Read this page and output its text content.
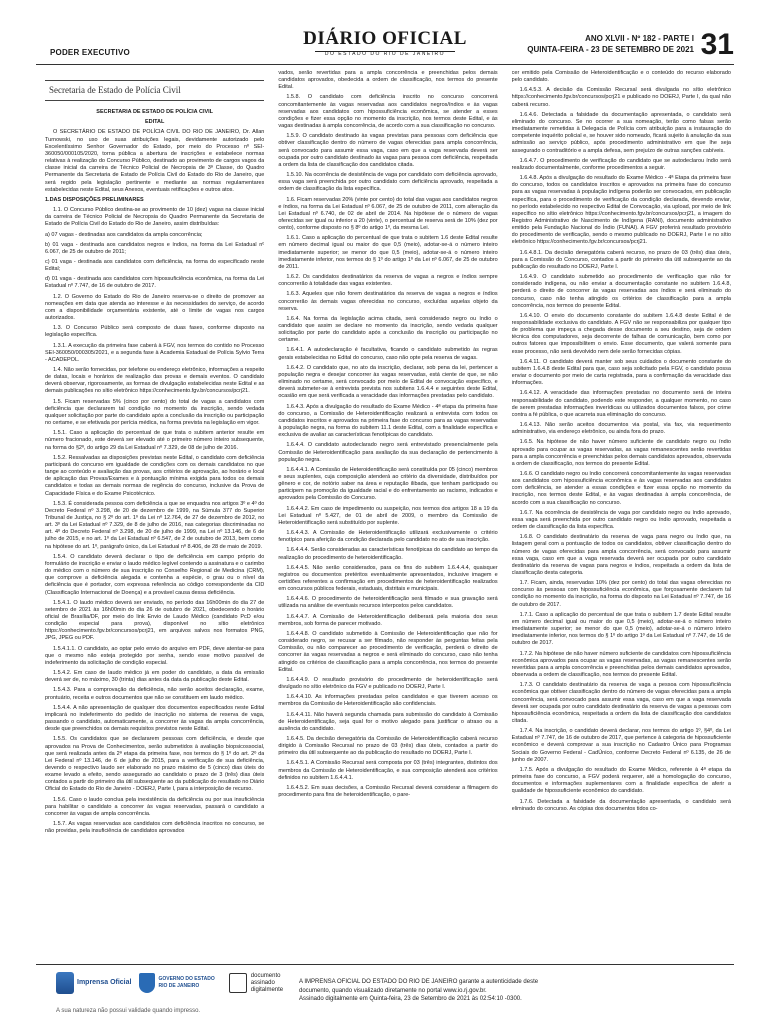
PODER EXECUTIVO
DIÁRIO OFICIAL
DO ESTADO DO RIO DE JANEIRO
ANO XLVII - Nº 182 - PARTE I
QUINTA-FEIRA - 23 DE SETEMBRO DE 2021 31
Secretaria de Estado de Polícia Civil

SECRETARIA DE ESTADO DE POLÍCIA CIVIL

EDITAL

O SECRETÁRIO DE ESTADO DE POLÍCIA CIVIL DO RIO DE JANEIRO, Dr. Allan Turnowski, no uso de suas atribuições legais, devidamente autorizado pelo Excelentíssimo Senhor Governador do Estado, por meio do Processo nº SEI-360050/000105/2020, torna pública a abertura de inscrições e estabelece normas relativas à realização do Concurso Público, destinado ao provimento de cargos vagos da classe inicial da carreira de Técnico Policial de Necropsia de 3ª Classe, do Quadro Permanente da Secretaria de Estado de Polícia Civil do Estado do Rio de Janeiro, que será regido pela legislação pertinente e mediante as normas regulamentares estabelecidas neste Edital, seus Anexos, eventuais retificações e outros atos.

1.DAS DISPOSIÇÕES PRELIMINARES

1.1. O Concurso Público destina-se ao provimento de 10 (dez) vagas na classe inicial da carreira de Técnico Policial de Necropsia do Quadro Permanente da Secretaria de Estado de Polícia Civil do Estado do Rio de Janeiro, assim distribuídas:

a) 07 vagas - destinadas aos candidatos da ampla concorrência;

b) 01 vaga - destinada aos candidatos negros e índios, na forma da Lei Estadual nº 6.067, de 25 de outubro de 2011;

c) 01 vaga - destinada aos candidatos com deficiência, na forma do especificado neste Edital;

d) 01 vaga - destinada aos candidatos com hipossuficiência econômica, na forma da Lei Estadual nº 7.747, de 16 de outubro de 2017.

1.2. O Governo do Estado do Rio de Janeiro reserva-se o direito de promover as nomeações em data que atenda ao interesse e às necessidades do serviço, de acordo com a disponibilidade orçamentária existente, até o limite de vagas nos cargos autorizados.

1.3. O Concurso Público será composto de duas fases, conforme disposto na legislação específica.

1.3.1. A execução da primeira fase caberá à FGV, nos termos do contido no Processo SEI-360050/000305/2021, e a segunda fase à Academia Estadual de Polícia Sylvio Terra - ACADEPOL.

1.4. Não serão fornecidas, por telefone ou endereço eletrônico, informações a respeito de datas, locais e horários de realização das provas e demais eventos. O candidato deverá observar, rigorosamente, as formas de divulgação estabelecidas neste Edital e as demais publicações no sítio eletrônico https://conhecimento.fgv.br/concursos/pcrj21.

1.5. Ficam reservadas 5% (cinco por cento) do total de vagas a candidatos com deficiência que declararem tal condição no momento da inscrição, sendo vedada qualquer solicitação por parte do candidato após a conclusão da inscrição ou participação no certame, e se efetivada por perícia médica, na forma prevista na legislação em vigor.

1.5.1. Caso a aplicação do percentual de que trata o subitem anterior resulte em número fracionado, este deverá ser elevado até o primeiro número inteiro subsequente, na forma do §2º, do artigo 29 da Lei Estadual nº 7.329, de 08 de julho de 2016.

1.5.2. Ressalvadas as disposições previstas neste Edital, o candidato com deficiência participará do concurso em igualdade de condições com os demais candidatos no que tange ao conteúdo e avaliação das provas, aos critérios de aprovação, ao horário e local de aplicação das Provas/Exames e à pontuação mínima exigida para todos os demais candidatos e todas as demais normas de regência do concurso, inclusive da Prova de Capacidade Física e do Exame Psicotécnico.

1.5.3. É considerada pessoa com deficiência a que se enquadra nos artigos 3º e 4º do Decreto Federal nº 3.298, de 20 de dezembro de 1999, na Súmula 377 do Superior Tribunal de Justiça, no § 2º do art. 1º da Lei nº 12.764, de 27 de dezembro de 2012, no art. 3º da Lei Estadual nº 7.329, de 8 de julho de 2016, nas categorias discriminadas no art. 4º do Decreto Federal nº 3.298, de 20 de julho de 1999, na Lei nº 13.146, de 6 de julho de 2015, e no art. 1º da Lei Estadual nº 6.547, de 2 de outubro de 2013, bem como na hipótese do art. 1º, parágrafo único, da Lei Estadual nº 8.406, de 28 de maio de 2019.

1.5.4. O candidato deverá declarar o tipo de deficiência em campo próprio do formulário de inscrição e enviar o laudo médico legível contendo a assinatura e o carimbo do médico com o número de sua inscrição no Conselho Regional de Medicina (CRM), que comprove a deficiência alegada e contenha a espécie, o grau ou o nível da deficiência que é portador, com expressa referência ao código correspondente da CID (Classificação Internacional de Doença) e a provável causa dessa deficiência.

1.5.4.1. O laudo médico deverá ser enviado, no período das 16h00min do dia 27 de setembro de 2021 às 16h00min do dia 26 de outubro de 2021, obedecendo o horário oficial de Brasília/DF, por meio do link Envio de Laudo Médico (candidato PcD e/ou condição especial para prova), disponível no sítio eletrônico https://conhecimento.fgv.br/concursos/pcrj21, em arquivos salvos nos formatos PNG, JPG, JPEG ou PDF.

1.5.4.1.1. O candidato, ao optar pelo envio do arquivo em PDF, deve atentar-se para que o mesmo não esteja protegido por senha, sendo esse motivo passível de indeferimento da solicitação de condição especial.

1.5.4.2. Em caso de laudo médico já em poder do candidato, a data da emissão deverá ser de, no máximo, 30 (trinta) dias antes da data da publicação deste Edital.

1.5.4.3. Para a comprovação da deficiência, não serão aceitos declaração, exame, prontuário, receita e outros documentos que não se constituem em laudo médico.

1.5.4.4. A não apresentação de qualquer dos documentos especificados neste Edital implicará no indeferimento do pedido de inscrição no sistema de reserva de vaga, passando o candidato, automaticamente, a concorrer às vagas da ampla concorrência, desde que preenchidos os demais requisitos previstos neste Edital.

1.5.5. Os candidatos que se declararem pessoas com deficiência, e desde que aprovados na Prova de Conhecimentos, serão submetidos à avaliação biopsicossocial, que será realizada antes da 2ª etapa da primeira fase, nos termos do § 1º do art. 2º da Lei Federal nº 13.146, de 6 de julho de 2015, para a verificação de sua deficiência, devendo o respectivo laudo ser elaborado no prazo máximo de 5 (cinco) dias úteis do exame levado a efeito, sendo assegurado ao candidato o prazo de 3 (três) dias úteis contados a partir do primeiro dia útil subsequente ao da publicação do resultado no Diário Oficial do Estado do Rio de Janeiro - DOERJ, Parte I, para a interposição de recurso.

1.5.6. Caso o laudo conclua pela inexistência da deficiência ou por sua insuficiência para habilitar o candidato a concorrer às vagas reservadas, passará o candidato a concorrer às vagas de ampla concorrência.

1.5.7. As vagas reservadas aos candidatos com deficiência inscritos no concurso, se não providas, pela insuficiência de candidatos aprovados

vados, serão revertidas para a ampla concorrência e preenchidas pelos demais candidatos aprovados, obedecida a ordem de classificação, nos termos do presente Edital.

1.5.8. O candidato com deficiência inscrito no concurso concorrerá concomitantemente às vagas reservadas aos candidatos negros/índios e às vagas reservadas aos candidatos com hipossuficiência econômica, se atender a esses condições e fizer essa opção no momento da inscrição, nos termos deste Edital, e às vagas destinadas à ampla concorrência, de acordo com a sua classificação no concurso.

1.5.9. O candidato destinado às vagas previstas para pessoas com deficiência que obtiver classificação dentro do número de vagas oferecidas para ampla concorrência, será convocado para assumir essa vaga, caso em que a vaga reservada deverá ser ocupada por outro candidato destinado às vagas para pessoa com deficiência, respeitada a ordem da lista de classificação dos candidatos citada.

1.5.10. Na ocorrência de desistência de vaga por candidato com deficiência aprovado, essa vaga será preenchida por outro candidato com deficiência aprovado, respeitada a ordem de classificação da lista específica.

1.6. Ficam reservadas 20% (vinte por cento) do total das vagas aos candidatos negros e índios, na forma da Lei Estadual nº 6.067, de 25 de outubro de 2011, com alteração da Lei Estadual nº 6.740, de 02 de abril de 2014. Na hipótese de o número de vagas oferecidas ser igual ou inferior a 20 (vinte), o percentual de reserva será de 10% (dez por cento), conforme disposto no § 8º do artigo 1º, da mesma Lei.

1.6.1. Caso a aplicação do percentual de que trata o subitem 1.6 deste Edital resulte em número decimal igual ou maior do que 0,5 (meio), adotar-se-á o número inteiro imediatamente superior; se menor do que 0,5 (meio), adotar-se-á o número inteiro imediatamente inferior, nos termos do § 1º do artigo 1º da Lei nº 6.067, de 25 de outubro de 2011.

1.6.2. Os candidatos destinatários da reserva de vagas a negros e índios sempre concorrerão à totalidade das vagas existentes.

1.6.3. Aqueles que não forem destinatários da reserva de vagas a negros e índios concorrerão às demais vagas oferecidas no concurso, excluídas aquelas objeto da reserva.

1.6.4. Na forma da legislação acima citada, será considerado negro ou índio o candidato que assim se declare no momento da inscrição, sendo vedada qualquer solicitação por parte do candidato após a conclusão da inscrição ou participação no certame.

1.6.4.1. A autodeclaração é facultativa, ficando o candidato submetido às regras gerais estabelecidas no Edital do concurso, caso não opte pela reserva de vagas.

1.6.4.2. O candidato que, no ato da inscrição, declarar, sob pena da lei, pertencer a população negra e desejar concorrer às vagas reservadas, está ciente de que, se não eliminado no certame, será convocado por meio de Edital de convocação específico, e deverá submeter-se à entrevista prevista nos subitens 1.6.4.4 e seguintes deste Edital, ocasião em que será verificada a veracidade das informações prestadas pelo candidato.

1.6.4.3. Após a divulgação do resultado do Exame Médico - 4ª etapa da primeira fase do concurso, a Comissão de Heteroidentificação realizará a entrevista com todos os candidatos inscritos e aprovados na primeira fase do concurso para as vagas reservadas à população negra, na forma do subitem 11.1 deste Edital, com a finalidade específica e exclusiva de avaliar as características fenotípicas do candidato.

1.6.4.4. O candidato autodeclarado negro será entrevistado presencialmente pela Comissão de Heteroidentificação para avaliação da sua declaração de pertencimento à população negra.

1.6.4.4.1. A Comissão de Heteroidentificação será constituída por 05 (cinco) membros e seus suplentes, cuja composição atenderá ao critério da diversidade, distribuídos por gênero e cor, de notório saber na área e reputação ilibada, que tenham participado ou participem na promoção da igualdade racial e do enfrentamento ao racismo, indicados e aprovados pela Comissão do Concurso.

1.6.4.4.2. Em caso de impedimento ou suspeição, nos termos dos artigos 18 a 19 da Lei Estadual nº 5.427, de 01 de abril de 2009, o membro da Comissão de Heteroidentificação será substituído por suplente.

1.6.4.4.3. A Comissão de Heteroidentificação utilizará exclusivamente o critério fenotípico para aferição da condição declarada pelo candidato no ato de sua inscrição.

1.6.4.4.4. Serão consideradas as características fenotípicas do candidato ao tempo da realização do procedimento de heteroidentificação.

1.6.4.4.5. Não serão considerados, para os fins do subitem 1.6.4.4.4, quaisquer registros ou documentos pretéritos eventualmente apresentados, inclusive imagem e certidões referentes a confirmação em procedimentos de heteroidentificação realizados em concursos públicos federais, estaduais, distritais e municipais.

1.6.4.4.6. O procedimento de heteroidentificação será filmado e sua gravação será utilizada na análise de eventuais recursos interpostos pelos candidatos.

1.6.4.4.7. A Comissão de Heteroidentificação deliberará pela maioria dos seus membros, sob forma de parecer motivado.

1.6.4.4.8. O candidato submetido à Comissão de Heteroidentificação que não for considerado negro, se recusar a ser filmado, não responder às perguntas feitas pela Comissão, ou não comparecer ao procedimento de verificação, perderá o direito de concorrer às vagas reservadas a negros e será eliminado do concurso, caso não tenha atingido os critérios de classificação para a ampla concorrência, nos termos do presente Edital.

1.6.4.4.9. O resultado provisório do procedimento de heteroidentificação será divulgado no sítio eletrônico da FGV e publicado no DOERJ, Parte I.

1.6.4.4.10. As informações prestadas pelos candidatos e que tiverem acesso os membros da Comissão de Heteroidentificação são confidenciais.

1.6.4.4.11. Não haverá segunda chamada para submissão do candidato à Comissão de Heteroidentificação, seja qual for o motivo alegado para justificar o atraso ou a ausência do candidato.

1.6.4.5. Da decisão denegatória da Comissão de Heteroidentificação caberá recurso dirigido à Comissão Recursal no prazo de 03 (três) dias úteis, contados a partir do primeiro dia útil subsequente ao da publicação do resultado no DOERJ, Parte I.

1.6.4.5.1. A Comissão Recursal será composta por 03 (três) integrantes, distintos dos membros da Comissão de Heteroidentificação, e sua composição atenderá aos critérios definidos no subitem 1.6.4.4.1.

1.6.4.5.2. Em suas decisões, a Comissão Recursal deverá considerar a filmagem do procedimento para fins de heteroidentificação, o pare-

cer emitido pela Comissão de Heteroidentificação e o conteúdo do recurso elaborado pelo candidato.

1.6.4.5.3. A decisão da Comissão Recursal será divulgada no sítio eletrônico https://conhecimento.fgv.br/concursos/pcrj21 e publicado no DOERJ, Parte I, da qual não caberá recurso.

1.6.4.6. Detectada a falsidade da documentação apresentada, o candidato será eliminado do concurso. Se no ocorrer a sua nomeação, terão como falsas serão imediatamente remetidas à Delegacia de Polícia com atribuição para a instauração do competente inquérito policial e, se houver sido nomeado, ficará sujeito à anulação da sua admissão ao serviço público, após procedimento administrativo em que lhe seja assegurado o contraditório e a ampla defesa, sem prejuízo de outras sanções cabíveis.

1.6.4.7. O procedimento de verificação do candidato que se autodeclarou índio será realizado documentalmente, conforme procedimentos a seguir.

1.6.4.8. Após a divulgação do resultado do Exame Médico - 4ª Etapa da primeira fase do concurso, todos os candidatos inscritos e aprovados na primeira fase do concurso para as vagas reservadas à população indígena poderão ser convocados, em publicação específica, para o procedimento de verificação da condição declarada, devendo enviar, no período estabelecido no respectivo Edital de Convocação, via upload, por meio de link específico no sítio eletrônico https://conhecimento.fgv.br/concursos/pcrj21, a imagem do Registro Administrativo de Nascimento de Indígena (RANI), documento administrativo emitido pela Fundação Nacional do Índio (FUNAI). A FGV proferirá resultado provisório do procedimento de verificação, sendo o mesmo publicado no DOERJ, Parte I e no sítio eletrônico https://conhecimento.fgv.br/concursos/pcrj21.

1.6.4.8.1. Da decisão denegatória caberá recurso, no prazo de 03 (três) dias úteis, para a Comissão do Concurso, contados a partir do primeiro dia útil subsequente ao da publicação do resultado no DOERJ, Parte I.

1.6.4.9. O candidato submetido ao procedimento de verificação que não for considerado indígena, ou não enviar a documentação constante no subitem 1.6.4.8, perderá o direito de concorrer às vagas reservadas aos índios e será eliminado do concurso, caso não tenha atingido os critérios de classificação para a ampla concorrência, nos termos do presente Edital.

1.6.4.10. O envio do documento constante do subitem 1.6.4.8 deste Edital é de responsabilidade exclusiva do candidato. A FGV não se responsabiliza por qualquer tipo de problema que impeça a chegada desse documento a seu destino, seja de ordem técnica dos computadores, seja decorrente de falhas de comunicação, bem como por outros fatores que impossibilitem o envio. Esse documento, que valerá somente para esse processo, não será devolvido nem dele serão fornecidas cópias.

1.6.4.11. O candidato deverá manter sob seus cuidados o documento constante do subitem 1.6.4.8 deste Edital para que, caso seja solicitado pela FGV, o candidato possa enviar o documento por meio de carta registrada, para a confirmação da veracidade das informações.

1.6.4.12. A veracidade das informações prestadas no documento será de inteira responsabilidade do candidato, podendo este responder, a qualquer momento, no caso de serem prestadas informações inverídicas ou utilizados documentos falsos, por crime contra a fé pública, o que acarreta sua eliminação do concurso.

1.6.4.13. Não serão aceitos documentos via postal, via fax, via requerimento administrativo, via endereço eletrônico, ou ainda fora do prazo.

1.6.5. Na hipótese de não haver número suficiente de candidato negro ou índio aprovado para ocupar as vagas reservadas, as vagas remanescentes serão revertidas para a ampla concorrência e preenchidas pelos demais candidatos aprovados, observada a ordem de classificação, nos termos do presente Edital.

1.6.6. O candidato negro ou índio concorrerá concomitantemente às vagas reservadas aos candidatos com hipossuficiência econômica e às vagas reservadas aos candidatos com deficiência, se atender a essas condições e fizer essa opção no momento da inscrição, nos termos deste Edital, e às vagas destinadas à ampla concorrência, de acordo com a sua classificação no concurso.

1.6.7. Na ocorrência de desistência de vaga por candidato negro ou índio aprovado, essa vaga será preenchida por outro candidato negro ou índio aprovado, respeitada a ordem de classificação da lista específica.

1.6.8. O candidato destinatário da reserva de vaga para negro ou índio que, na listagem geral com a pontuação de todos os candidatos, obtiver classificação dentro do número de vagas oferecidas para ampla concorrência, será convocado para assumir essa vaga, caso em que a vaga reservada deverá ser ocupada por outro candidato destinatário da reserva de vagas para negros e índios, respeitada a ordem da lista de classificação desta categoria.

1.7. Ficam, ainda, reservadas 10% (dez por cento) do total das vagas oferecidas no concurso às pessoas com hipossuficiência econômica, que forçosamente declarem tal condição no momento da inscrição, na forma do disposto na Lei Estadual nº 7.747, de 16 de outubro de 2017.

1.7.1. Caso a aplicação do percentual de que trata o subitem 1.7 deste Edital resulte em número decimal igual ou maior do que 0,5 (meio), adotar-se-á o número inteiro imediatamente superior; se menor do que 0,5 (meio), adotar-se-á o número inteiro imediatamente inferior, nos termos do § 1º do artigo 1º da Lei Estadual nº 7.747, de 16 de outubro de 2017.

1.7.2. Na hipótese de não haver número suficiente de candidatos com hipossuficiência econômica aprovados para ocupar as vagas reservadas, as vagas remanescentes serão revertidas para a ampla concorrência e preenchidas pelos demais candidatos aprovados, observada a ordem de classificação, nos termos do presente Edital.

1.7.3. O candidato destinatário da reserva de vaga a pessoa com hipossuficiência econômica que obtiver classificação dentro do número de vagas oferecidas para a ampla concorrência, será convocado para assumir essa vaga, caso em que a vaga reservada deverá ser ocupada por outro candidato destinatário da reserva de vagas a pessoas com hipossuficiência econômica, respeitada a ordem da lista de classificação dos candidatos citada.

1.7.4. Na inscrição, o candidato deverá declarar, nos termos do artigo 1º, §4º, da Lei Estadual nº 7.747, de 16 de outubro de 2017, que pertence à categoria de hipossuficiente econômico e deverá comprovar a sua inscrição no Cadastro Único para Programas Sociais do Governo Federal - CadÚnico, conforme Decreto Federal nº 6.135, de 26 de junho de 2007.

1.7.5. Após a divulgação do resultado do Exame Médico, referente à 4ª etapa da primeira fase do concurso, a FGV poderá requerer, até a homologação do concurso, documentos e informações suplementares com a finalidade específica de aferir a qualidade de hipossuficiente econômico do candidato.

1.7.6. Detectada a falsidade da documentação apresentada, o candidato será eliminado do concurso. As cópias dos documentos tidos co-

Imprensa Oficial	GOVERNO DO ESTADO
RIO DE JANEIRO
documento
assinado
digitalmente
A IMPRENSA OFICIAL DO ESTADO DO RIO DE JANEIRO garante a autenticidade deste
documento, quando visualizado diretamente no portal www.io.rj.gov.br.
Assinado digitalmente em Quinta-feira, 23 de Setembro de 2021 às 02:54:10 -0300.
A sua natureza não possui validade quando impresso.
